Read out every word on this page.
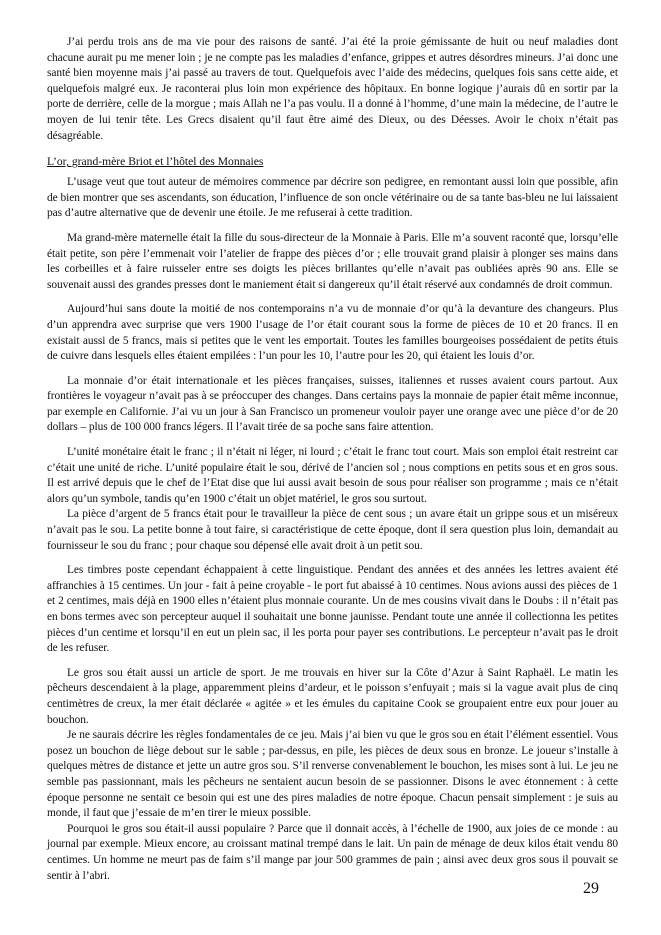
J’ai perdu trois ans de ma vie pour des raisons de santé. J’ai été la proie gémissante de huit ou neuf maladies dont chacune aurait pu me mener loin ; je ne compte pas les maladies d’enfance, grippes et autres désordres mineurs. J’ai donc une santé bien moyenne mais j’ai passé au travers de tout. Quelquefois avec l’aide des médecins, quelques fois sans cette aide, et quelquefois malgré eux. Je raconterai plus loin mon expérience des hôpitaux. En bonne logique j’aurais dû en sortir par la porte de derrière, celle de la morgue ; mais Allah ne l’a pas voulu. Il a donné à l’homme, d’une main la médecine, de l’autre le moyen de lui tenir tête. Les Grecs disaient qu’il faut être aimé des Dieux, ou des Déesses. Avoir le choix n’était pas désagréable.

L’or, grand-mère Briot et l’hôtel des Monnaies

L’usage veut que tout auteur de mémoires commence par décrire son pedigree, en remontant aussi loin que possible, afin de bien montrer que ses ascendants, son éducation, l’influence de son oncle vétérinaire ou de sa tante bas-bleu ne lui laissaient pas d’autre alternative que de devenir une étoile. Je me refuserai à cette tradition.

Ma grand-mère maternelle était la fille du sous-directeur de la Monnaie à Paris. Elle m’a souvent raconté que, lorsqu’elle était petite, son père l’emmenait voir l’atelier de frappe des pièces d’or ; elle trouvait grand plaisir à plonger ses mains dans les corbeilles et à faire ruisseler entre ses doigts les pièces brillantes qu’elle n’avait pas oubliées après 90 ans. Elle se souvenait aussi des grandes presses dont le maniement était si dangereux qu’il était réservé aux condamnés de droit commun.

Aujourd’hui sans doute la moitié de nos contemporains n’a vu de monnaie d’or qu’à la devanture des changeurs. Plus d’un apprendra avec surprise que vers 1900 l’usage de l’or était courant sous la forme de pièces de 10 et 20 francs. Il en existait aussi de 5 francs, mais si petites que le vent les emportait. Toutes les familles bourgeoises possédaient de petits étuis de cuivre dans lesquels elles étaient empilées : l’un pour les 10, l’autre pour les 20, qui étaient les louis d’or.

La monnaie d’or était internationale et les pièces françaises, suisses, italiennes et russes avaient cours partout. Aux frontières le voyageur n’avait pas à se préoccuper des changes. Dans certains pays la monnaie de papier était même inconnue, par exemple en Californie. J’ai vu un jour à San Francisco un promeneur vouloir payer une orange avec une pièce d’or de 20 dollars – plus de 100 000 francs légers. Il l’avait tirée de sa poche sans faire attention.

L’unité monétaire était le franc ; il n’était ni léger, ni lourd ; c’était le franc tout court. Mais son emploi était restreint car c’était une unité de riche. L’unité populaire était le sou, dérivé de l’ancien sol ; nous comptions en petits sous et en gros sous. Il est arrivé depuis que le chef de l’Etat dise que lui aussi avait besoin de sous pour réaliser son programme ; mais ce n’était alors qu’un symbole, tandis qu’en 1900 c’était un objet matériel, le gros sou surtout.

La pièce d’argent de 5 francs était pour le travailleur la pièce de cent sous ; un avare était un grippe sous et un miséreux n’avait pas le sou. La petite bonne à tout faire, si caractéristique de cette époque, dont il sera question plus loin, demandait au fournisseur le sou du franc ; pour chaque sou dépensé elle avait droit à un petit sou.

Les timbres poste cependant échappaient à cette linguistique. Pendant des années et des années les lettres avaient été affranchies à 15 centimes. Un jour - fait à peine croyable - le port fut abaissé à 10 centimes. Nous avions aussi des pièces de 1 et 2 centimes, mais déjà en 1900 elles n’étaient plus monnaie courante. Un de mes cousins vivait dans le Doubs : il n’était pas en bons termes avec son percepteur auquel il souhaitait une bonne jaunisse. Pendant toute une année il collectionna les petites pièces d’un centime et lorsqu’il en eut un plein sac, il les porta pour payer ses contributions. Le percepteur n’avait pas le droit de les refuser.

Le gros sou était aussi un article de sport. Je me trouvais en hiver sur la Côte d’Azur à Saint Raphaël. Le matin les pêcheurs descendaient à la plage, apparemment pleins d’ardeur, et le poisson s’enfuyait ; mais si la vague avait plus de cinq centimètres de creux, la mer était déclarée « agitée » et les émules du capitaine Cook se groupaient entre eux pour jouer au bouchon.

Je ne saurais décrire les règles fondamentales de ce jeu. Mais j’ai bien vu que le gros sou en était l’élément essentiel. Vous posez un bouchon de liège debout sur le sable ; par-dessus, en pile, les pièces de deux sous en bronze. Le joueur s’installe à quelques mètres de distance et jette un autre gros sou. S’il renverse convenablement le bouchon, les mises sont à lui. Le jeu ne semble pas passionnant, mais les pêcheurs ne sentaient aucun besoin de se passionner. Disons le avec étonnement : à cette époque personne ne sentait ce besoin qui est une des pires maladies de notre époque. Chacun pensait simplement : je suis au monde, il faut que j’essaie de m’en tirer le mieux possible.

Pourquoi le gros sou était-il aussi populaire ? Parce que il donnait accès, à l’échelle de 1900, aux joies de ce monde : au journal par exemple. Mieux encore, au croissant matinal trempé dans le lait. Un pain de ménage de deux kilos était vendu 80 centimes. Un homme ne meurt pas de faim s’il mange par jour 500 grammes de pain ; ainsi avec deux gros sous il pouvait se sentir à l’abri.

29
